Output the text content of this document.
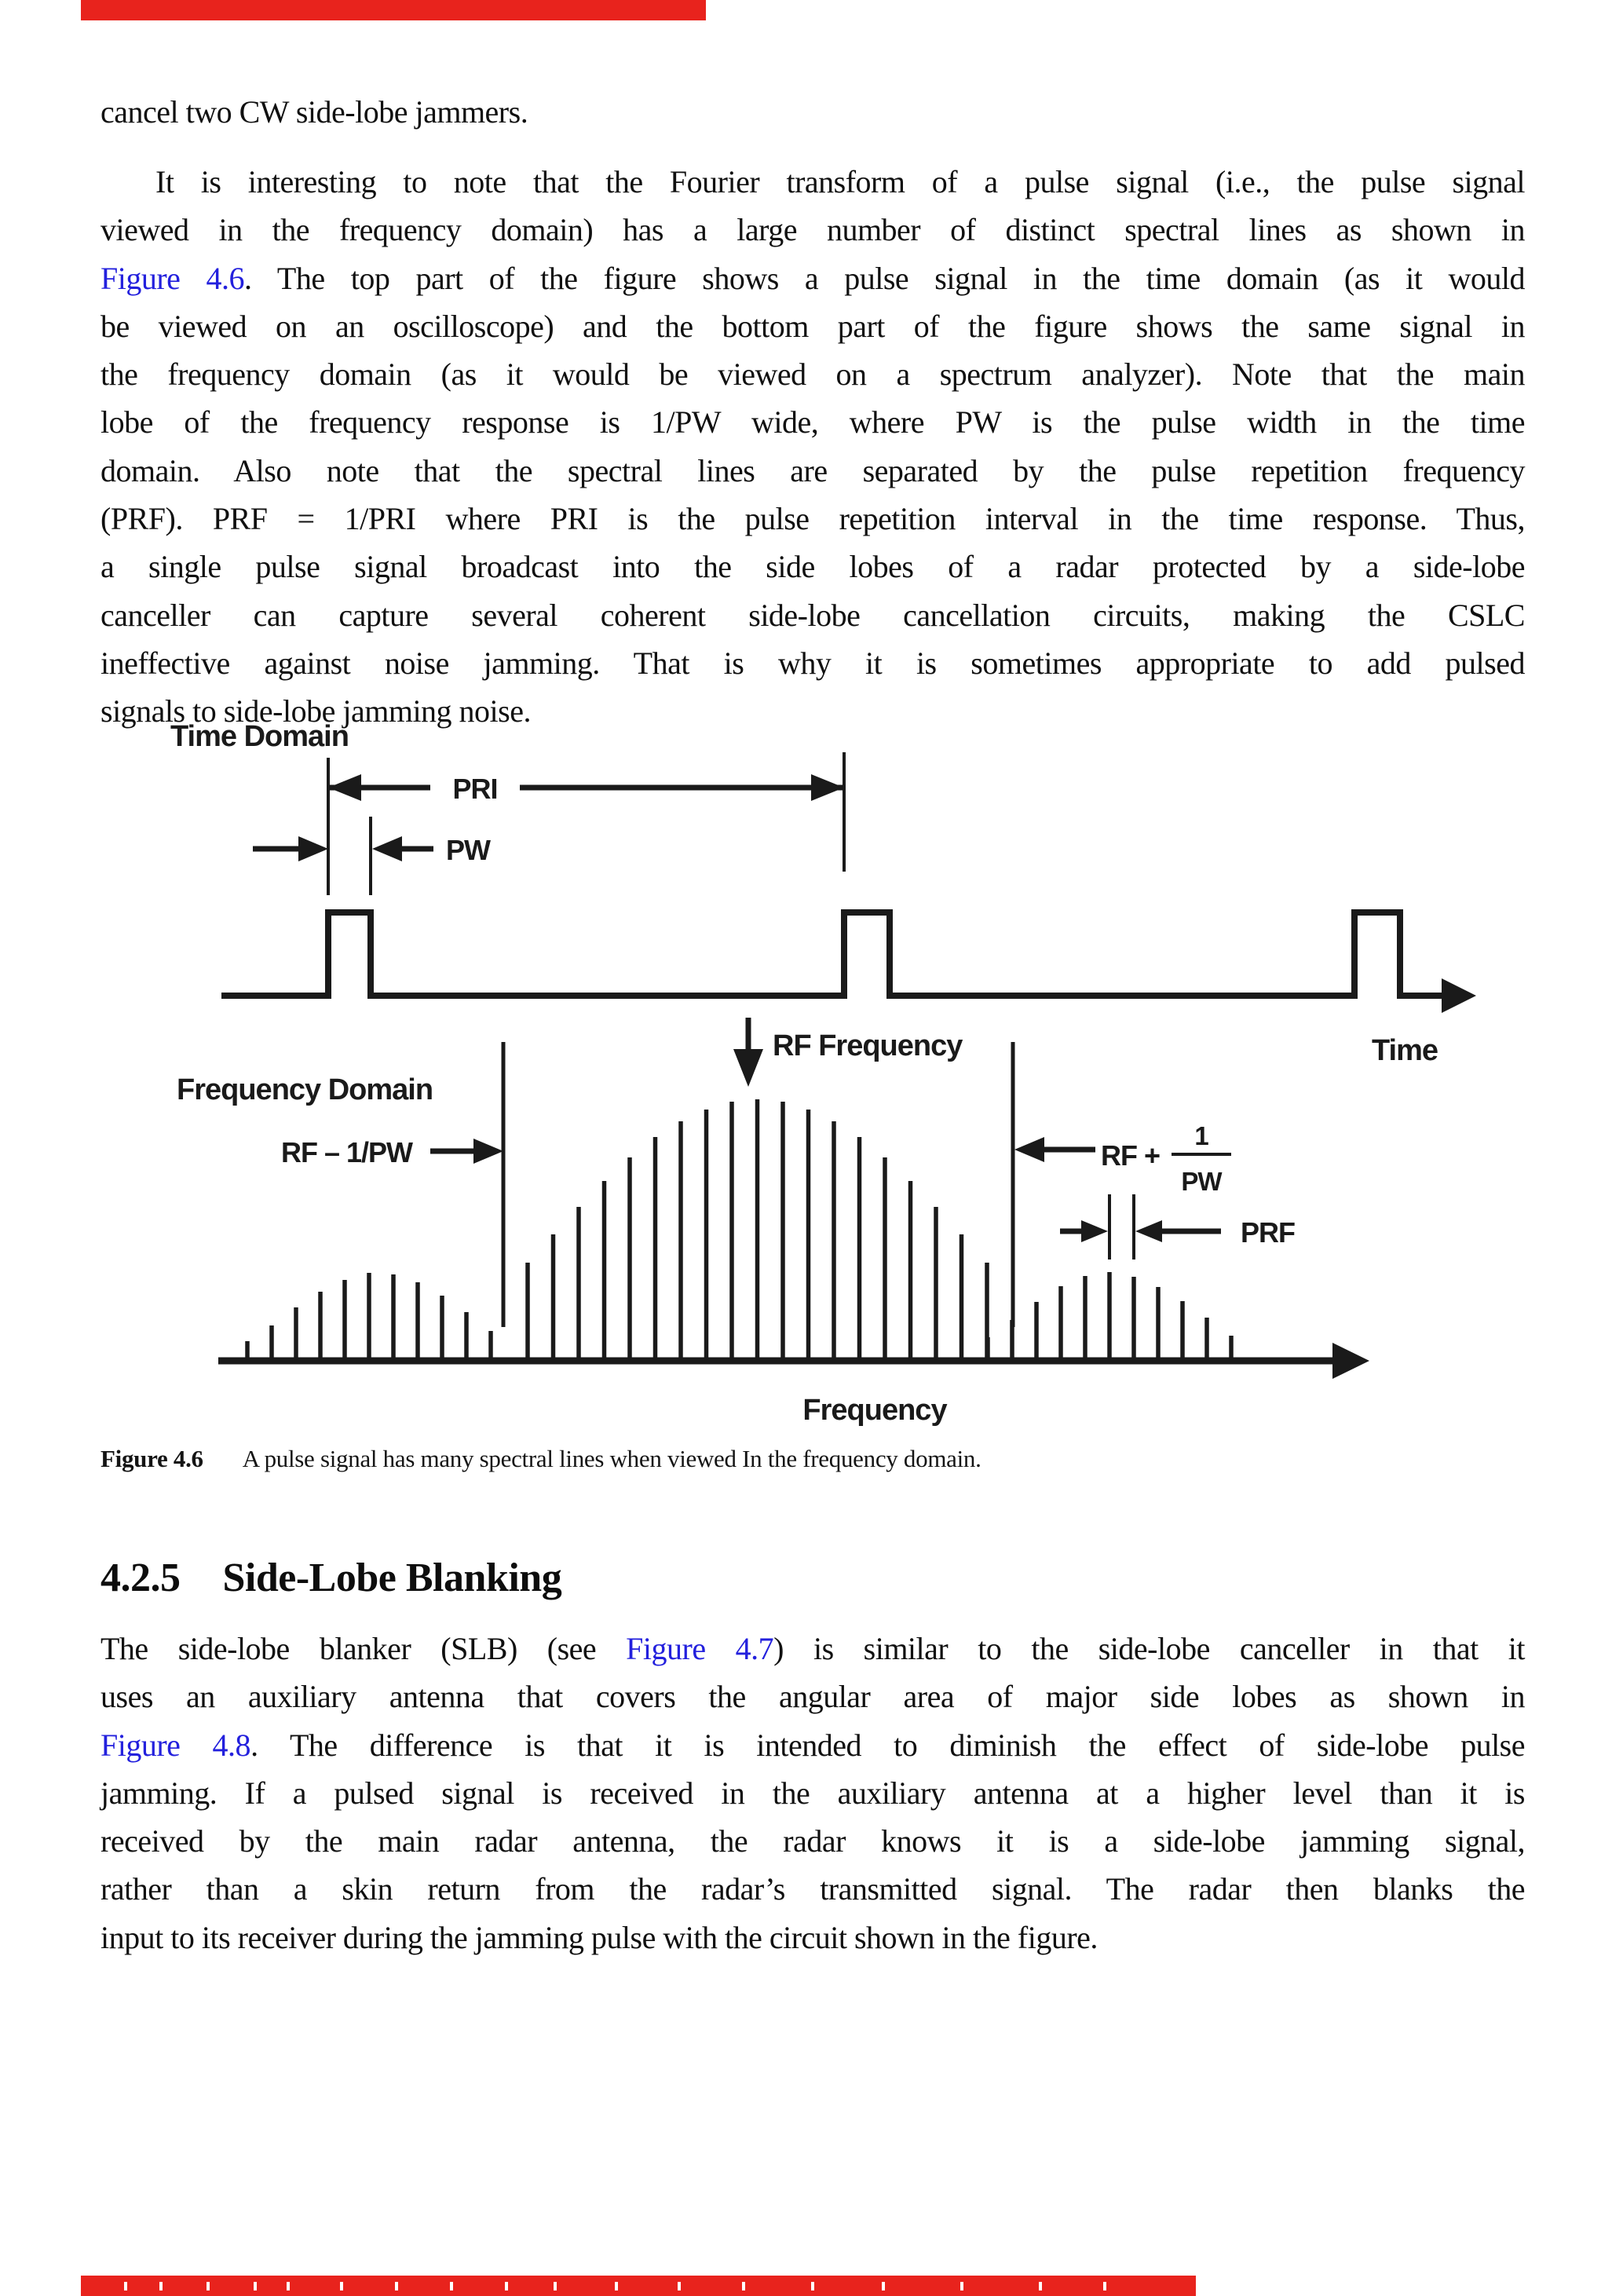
cancel two CW side-lobe jammers.
It is interesting to note that the Fourier transform of a pulse signal (i.e., the pulse signal
viewed in the frequency domain) has a large number of distinct spectral lines as shown in
Figure 4.6. The top part of the figure shows a pulse signal in the time domain (as it would
be viewed on an oscilloscope) and the bottom part of the figure shows the same signal in
the frequency domain (as it would be viewed on a spectrum analyzer). Note that the main
lobe of the frequency response is 1/PW wide, where PW is the pulse width in the time
domain. Also note that the spectral lines are separated by the pulse repetition frequency
(PRF). PRF = 1/PRI where PRI is the pulse repetition interval in the time response. Thus,
a single pulse signal broadcast into the side lobes of a radar protected by a side-lobe
canceller can capture several coherent side-lobe cancellation circuits, making the CSLC
ineffective against noise jamming. That is why it is sometimes appropriate to add pulsed
signals to side-lobe jamming noise.
Time Domain
PRI
PW
Time
Frequency Domain
RF Frequency
RF – 1/PW	RF +
1
PW
PRF
Frequency
Figure 4.6 A pulse signal has many spectral lines when viewed In the frequency domain.
4.2.5 Side-Lobe Blanking
The side-lobe blanker (SLB) (see Figure 4.7) is similar to the side-lobe canceller in that it
uses an auxiliary antenna that covers the angular area of major side lobes as shown in
Figure 4.8. The difference is that it is intended to diminish the effect of side-lobe pulse
jamming. If a pulsed signal is received in the auxiliary antenna at a higher level than it is
received by the main radar antenna, the radar knows it is a side-lobe jamming signal,
rather than a skin return from the radar’s transmitted signal. The radar then blanks the
input to its receiver during the jamming pulse with the circuit shown in the figure.
